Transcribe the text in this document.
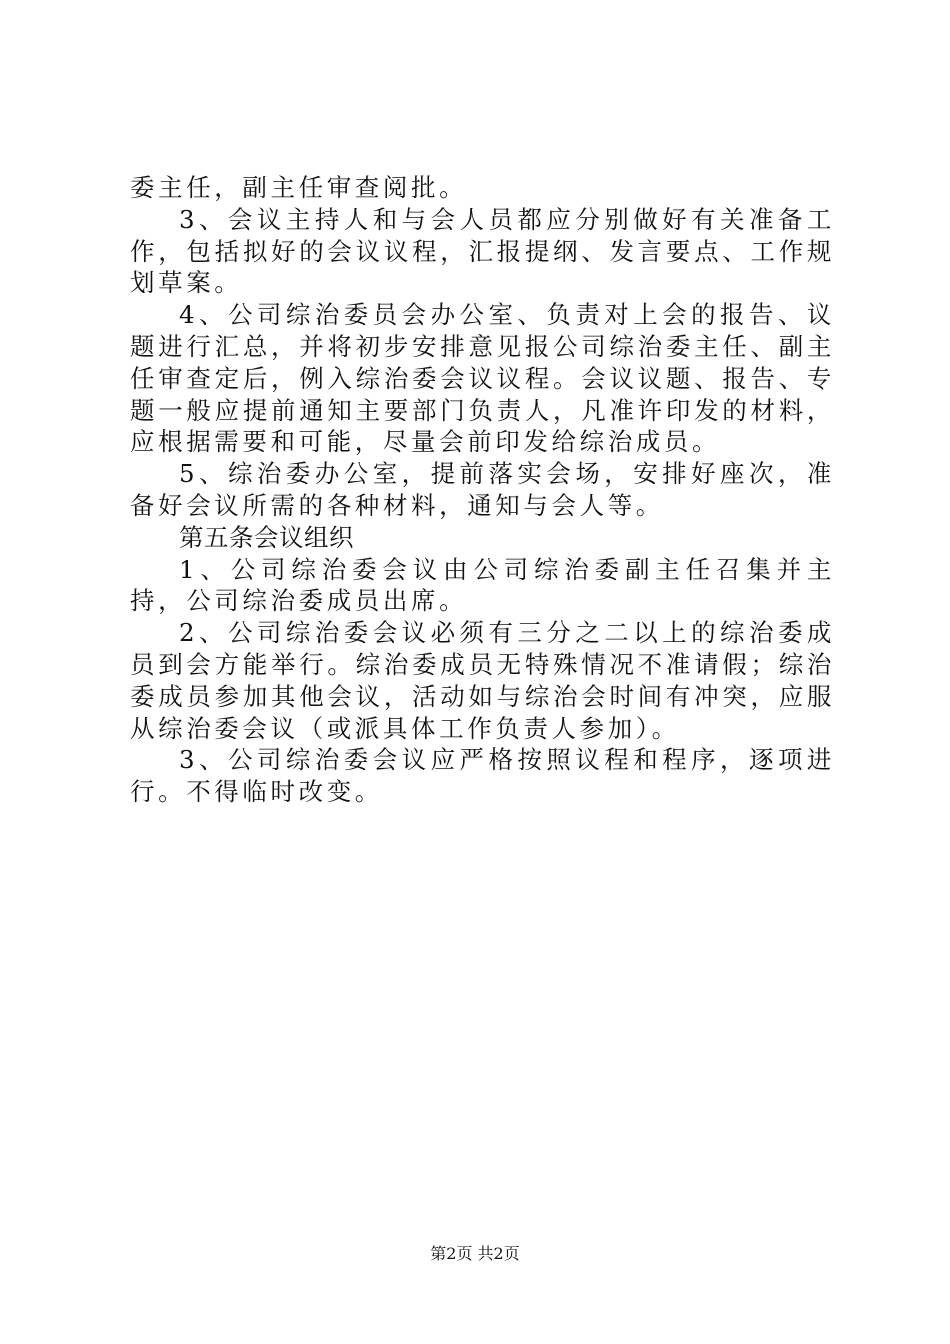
委主任，副主任审查阅批。

3、会议主持人和与会人员都应分别做好有关准备工作，包括拟好的会议议程，汇报提纲、发言要点、工作规划草案。

4、公司综治委员会办公室、负责对上会的报告、议题进行汇总，并将初步安排意见报公司综治委主任、副主任审查定后，例入综治委会议议程。会议议题、报告、专题一般应提前通知主要部门负责人，凡准许印发的材料，应根据需要和可能，尽量会前印发给综治成员。

5、综治委办公室，提前落实会场，安排好座次，准备好会议所需的各种材料，通知与会人等。

第五条会议组织

1、公司综治委会议由公司综治委副主任召集并主持，公司综治委成员出席。

2、公司综治委会议必须有三分之二以上的综治委成员到会方能举行。综治委成员无特殊情况不准请假；综治委成员参加其他会议，活动如与综治会时间有冲突，应服从综治委会议（或派具体工作负责人参加）。

3、公司综治委会议应严格按照议程和程序，逐项进行。不得临时改变。

第2页 共2页
